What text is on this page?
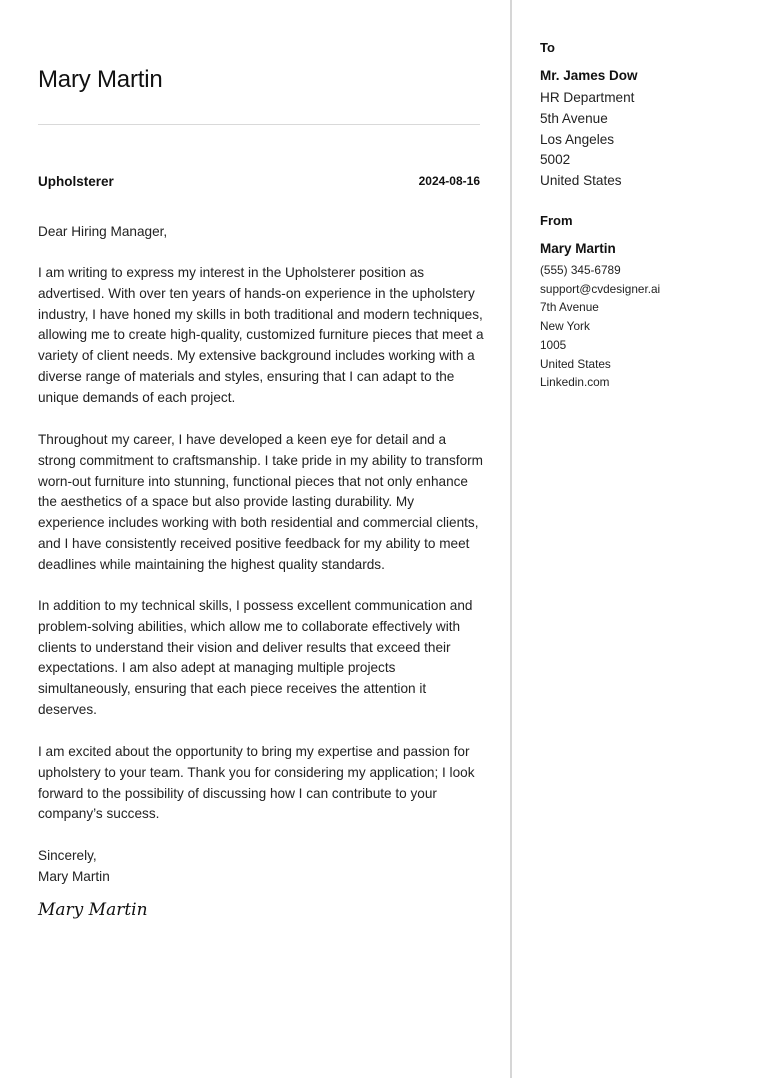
Mary Martin
Upholsterer	2024-08-16

Dear Hiring Manager,

I am writing to express my interest in the Upholsterer position as advertised. With over ten years of hands-on experience in the upholstery industry, I have honed my skills in both traditional and modern techniques, allowing me to create high-quality, customized furniture pieces that meet a variety of client needs. My extensive background includes working with a diverse range of materials and styles, ensuring that I can adapt to the unique demands of each project.

Throughout my career, I have developed a keen eye for detail and a strong commitment to craftsmanship. I take pride in my ability to transform worn-out furniture into stunning, functional pieces that not only enhance the aesthetics of a space but also provide lasting durability. My experience includes working with both residential and commercial clients, and I have consistently received positive feedback for my ability to meet deadlines while maintaining the highest quality standards.

In addition to my technical skills, I possess excellent communication and problem-solving abilities, which allow me to collaborate effectively with clients to understand their vision and deliver results that exceed their expectations. I am also adept at managing multiple projects simultaneously, ensuring that each piece receives the attention it deserves.

I am excited about the opportunity to bring my expertise and passion for upholstery to your team. Thank you for considering my application; I look forward to the possibility of discussing how I can contribute to your company’s success.

Sincerely,

Mary Martin

Mary Martin
To
Mr. James Dow
HR Department
5th Avenue
Los Angeles
5002
United States
From
Mary Martin
(555) 345-6789
support@cvdesigner.ai
7th Avenue
New York
1005
United States
Linkedin.com
